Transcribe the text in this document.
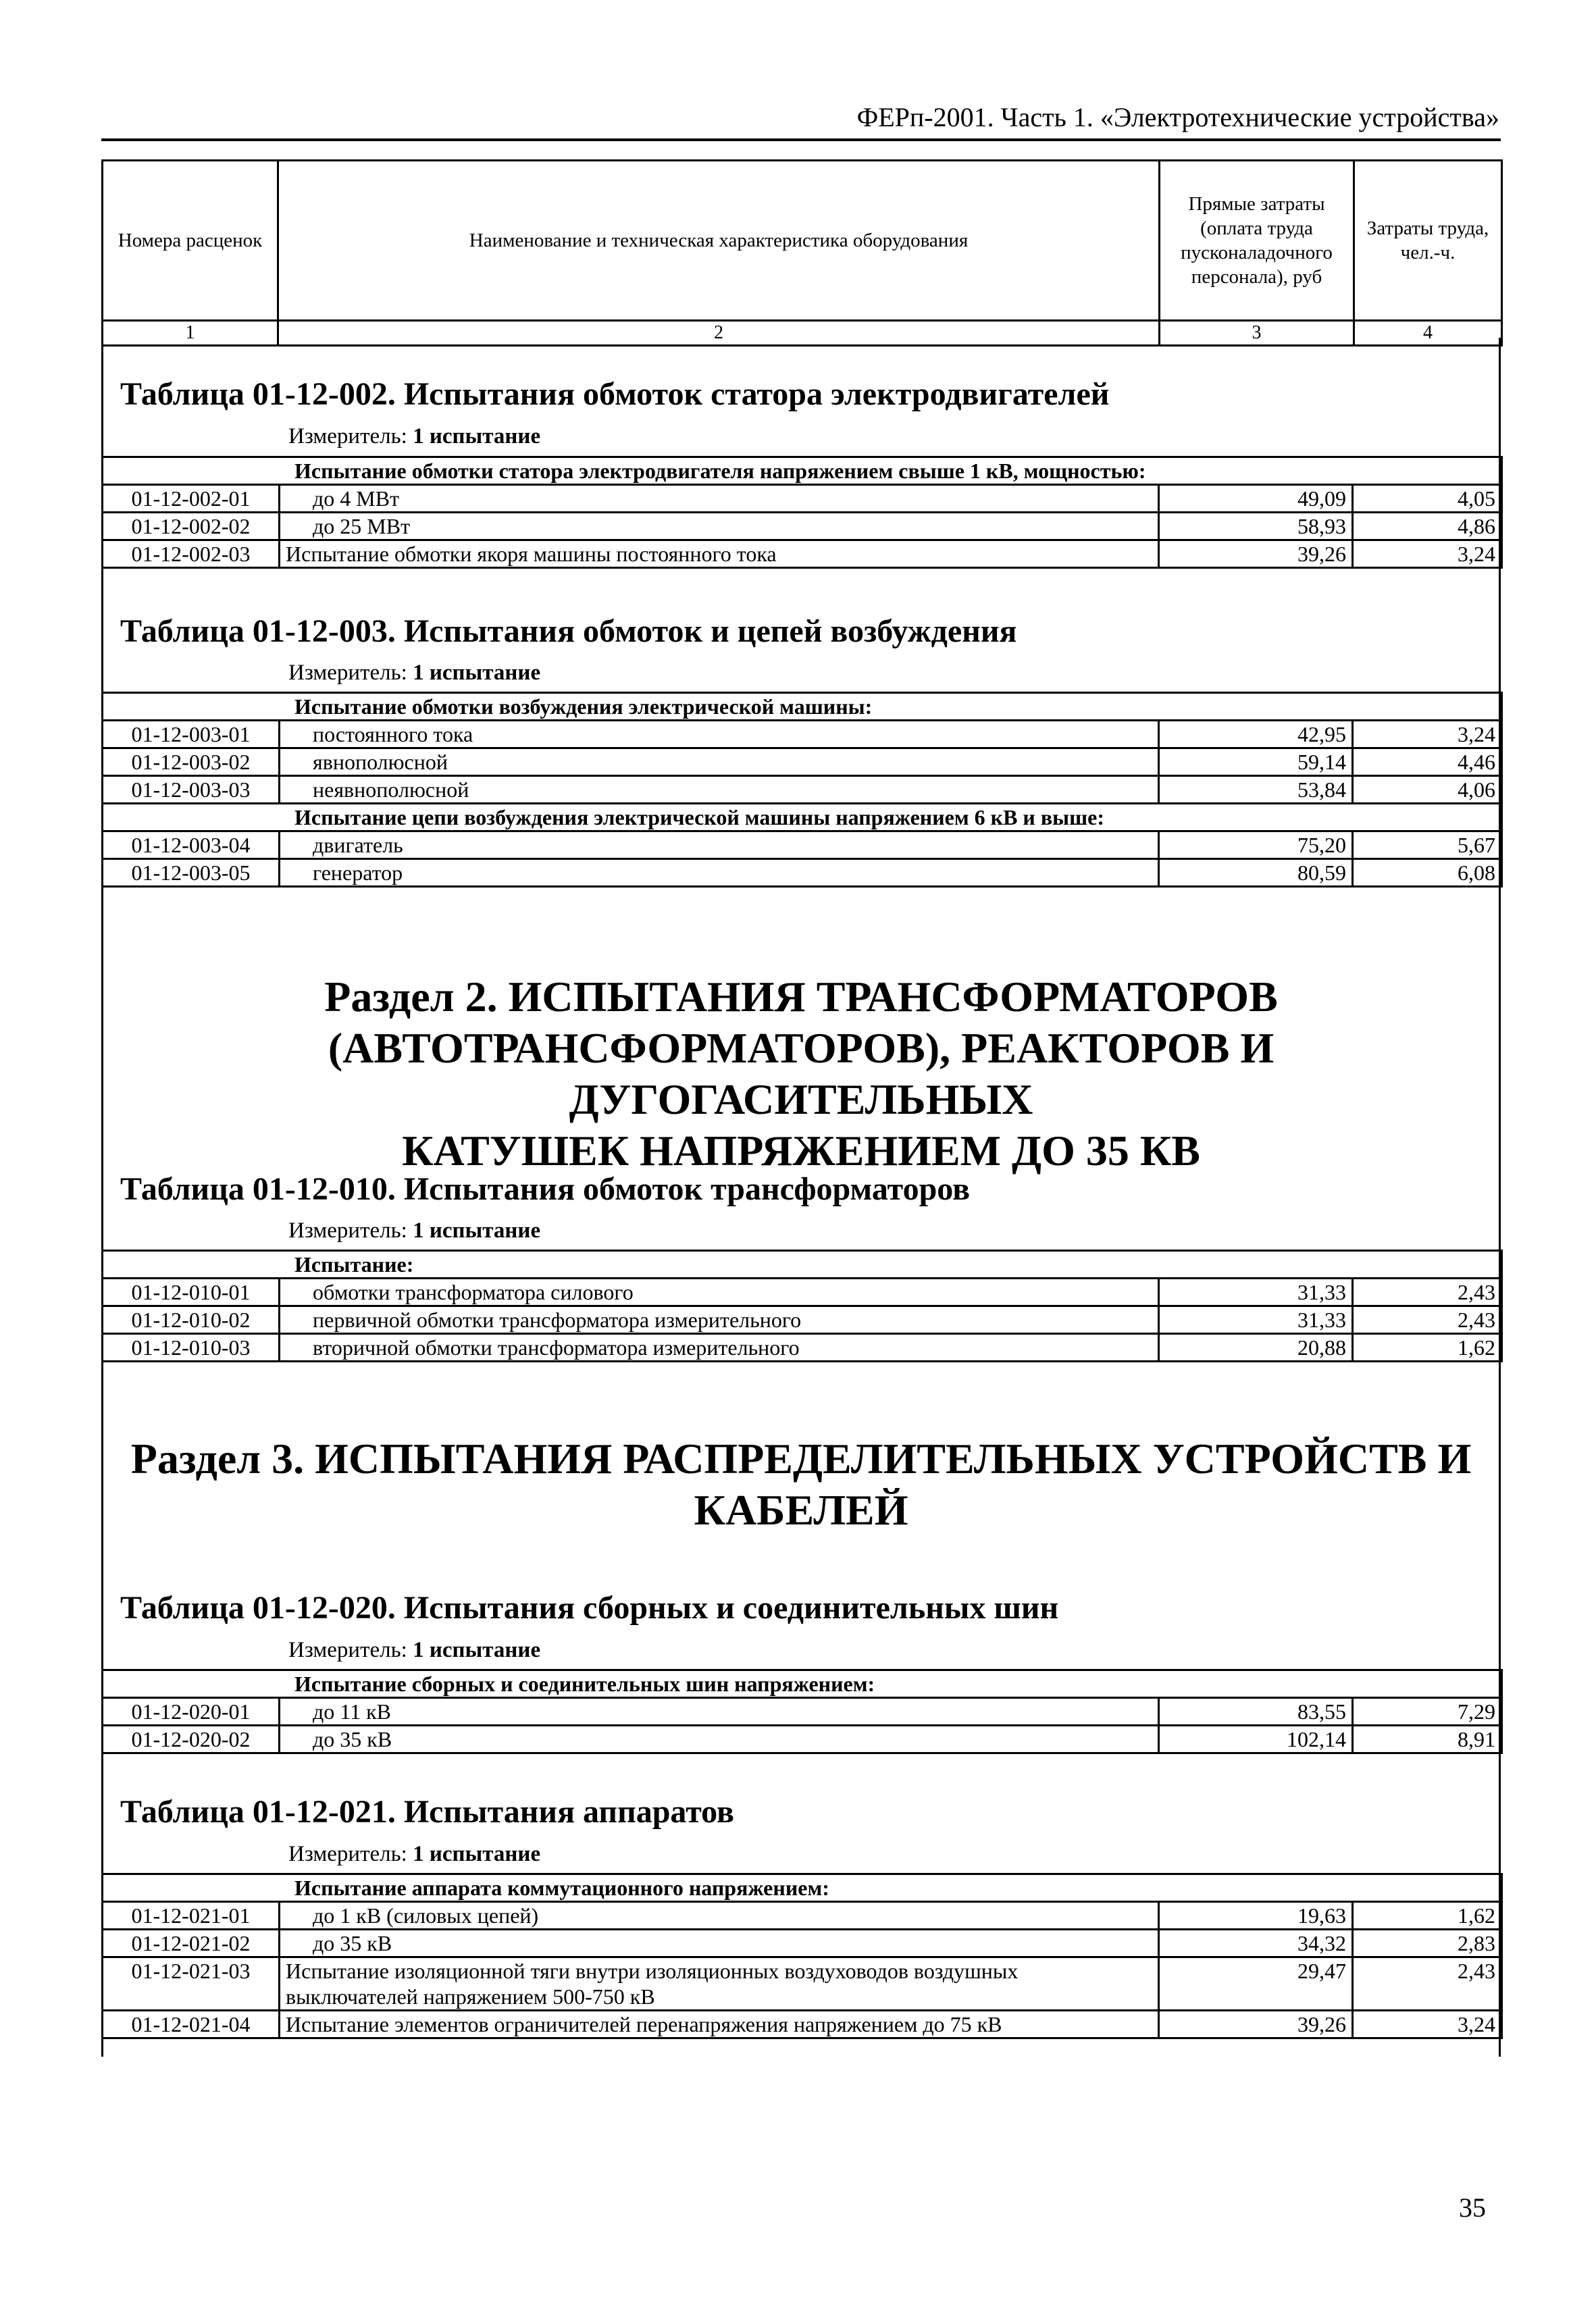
ФЕРп-2001. Часть 1. «Электротехнические устройства»
Номера расценок	Наименование и техническая характеристика оборудования	Прямые затраты (оплата труда пусконаладочного персонала), руб	Затраты труда, чел.-ч.
1	2	3	4
Таблица 01-12-002. Испытания обмоток статора электродвигателей
Измеритель: 1 испытание
Испытание обмотки статора электродвигателя напряжением свыше 1 кВ, мощностью:			
01-12-002-01	до 4 МВт	49,09	4,05
01-12-002-02	до 25 МВт	58,93	4,86
01-12-002-03	Испытание обмотки якоря машины постоянного тока	39,26	3,24
Таблица 01-12-003. Испытания обмоток и цепей возбуждения
Измеритель: 1 испытание
Испытание обмотки возбуждения электрической машины:			
01-12-003-01	постоянного тока	42,95	3,24
01-12-003-02	явнополюсной	59,14	4,46
01-12-003-03	неявнополюсной	53,84	4,06
Испытание цепи возбуждения электрической машины напряжением 6 кВ и выше:			
01-12-003-04	двигатель	75,20	5,67
01-12-003-05	генератор	80,59	6,08
Раздел 2. ИСПЫТАНИЯ ТРАНСФОРМАТОРОВ
(АВТОТРАНСФОРМАТОРОВ), РЕАКТОРОВ И ДУГОГАСИТЕЛЬНЫХ
КАТУШЕК НАПРЯЖЕНИЕМ ДО 35 КВ
Таблица 01-12-010. Испытания обмоток трансформаторов
Измеритель: 1 испытание
Испытание:			
01-12-010-01	обмотки трансформатора силового	31,33	2,43
01-12-010-02	первичной обмотки трансформатора измерительного	31,33	2,43
01-12-010-03	вторичной обмотки трансформатора измерительного	20,88	1,62
Раздел 3. ИСПЫТАНИЯ РАСПРЕДЕЛИТЕЛЬНЫХ УСТРОЙСТВ И
КАБЕЛЕЙ
Таблица 01-12-020. Испытания сборных и соединительных шин
Измеритель: 1 испытание
Испытание сборных и соединительных шин напряжением:			
01-12-020-01	до 11 кВ	83,55	7,29
01-12-020-02	до 35 кВ	102,14	8,91
Таблица 01-12-021. Испытания аппаратов
Измеритель: 1 испытание
Испытание аппарата коммутационного напряжением:			
01-12-021-01	до 1 кВ (силовых цепей)	19,63	1,62
01-12-021-02	до 35 кВ	34,32	2,83
01-12-021-03	Испытание изоляционной тяги внутри изоляционных воздуховодов воздушных выключателей напряжением 500-750 кВ	29,47	2,43
01-12-021-04	Испытание элементов ограничителей перенапряжения напряжением до 75 кВ	39,26	3,24
35
